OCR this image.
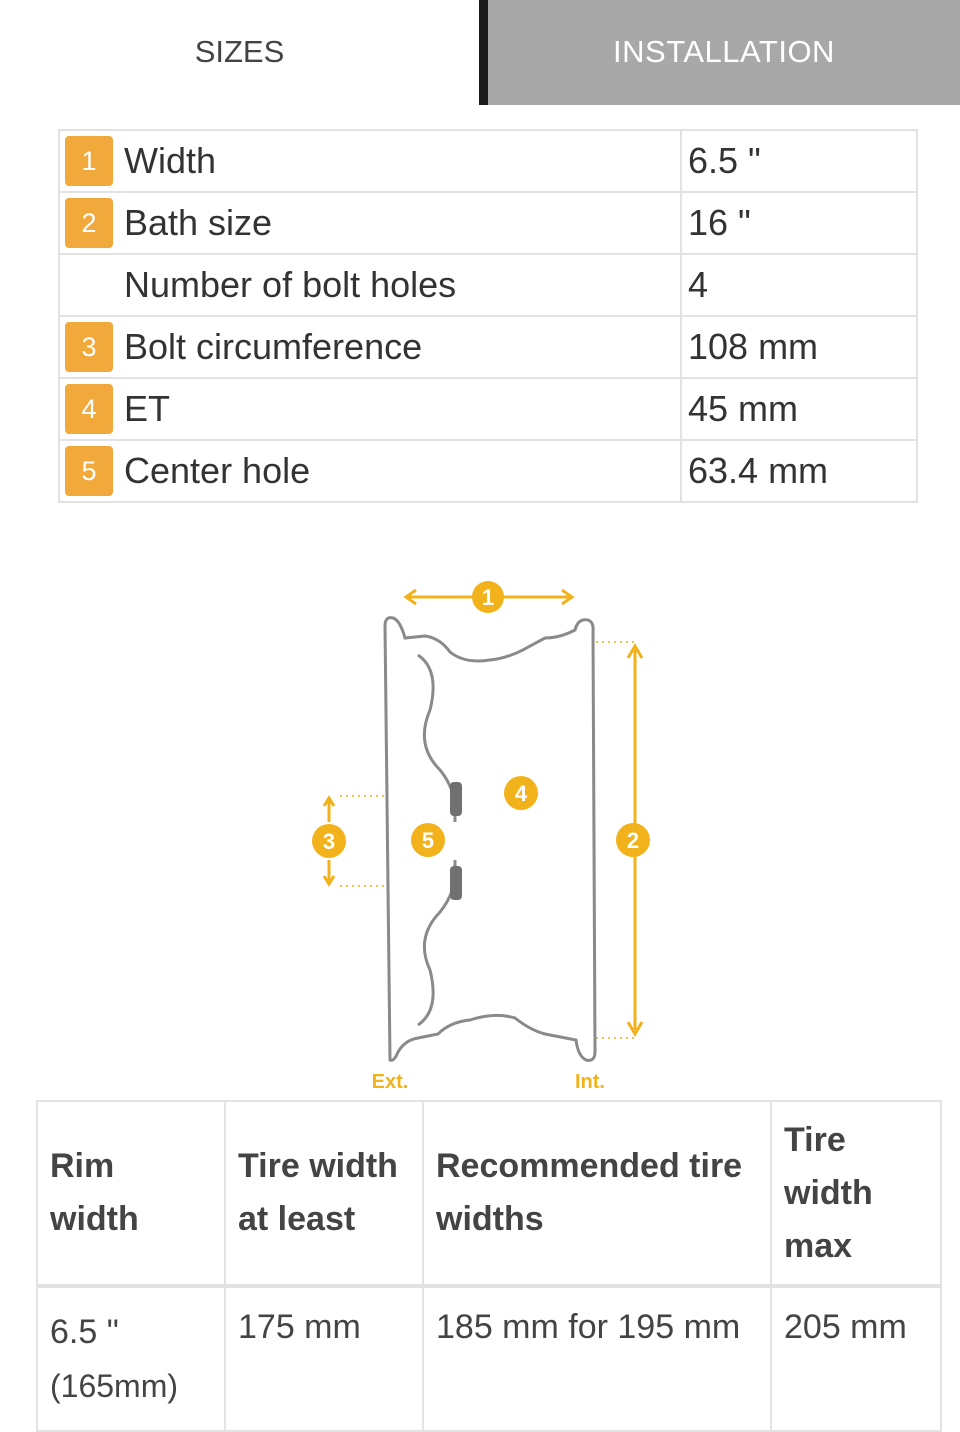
SIZES	INSTALLATION
1 Width	6.5 "

2 Bath size	16 "

Number of bolt holes	4

3 Bolt circumference	108 mm

4 ET	45 mm

5 Center hole	63.4 mm
1
2
3
4
5
Ext.	Int.
Rim width	Tire width at least	Recommended tire widths	Tire width max

6.5 "
(165mm)	175 mm	185 mm for 195 mm	205 mm
